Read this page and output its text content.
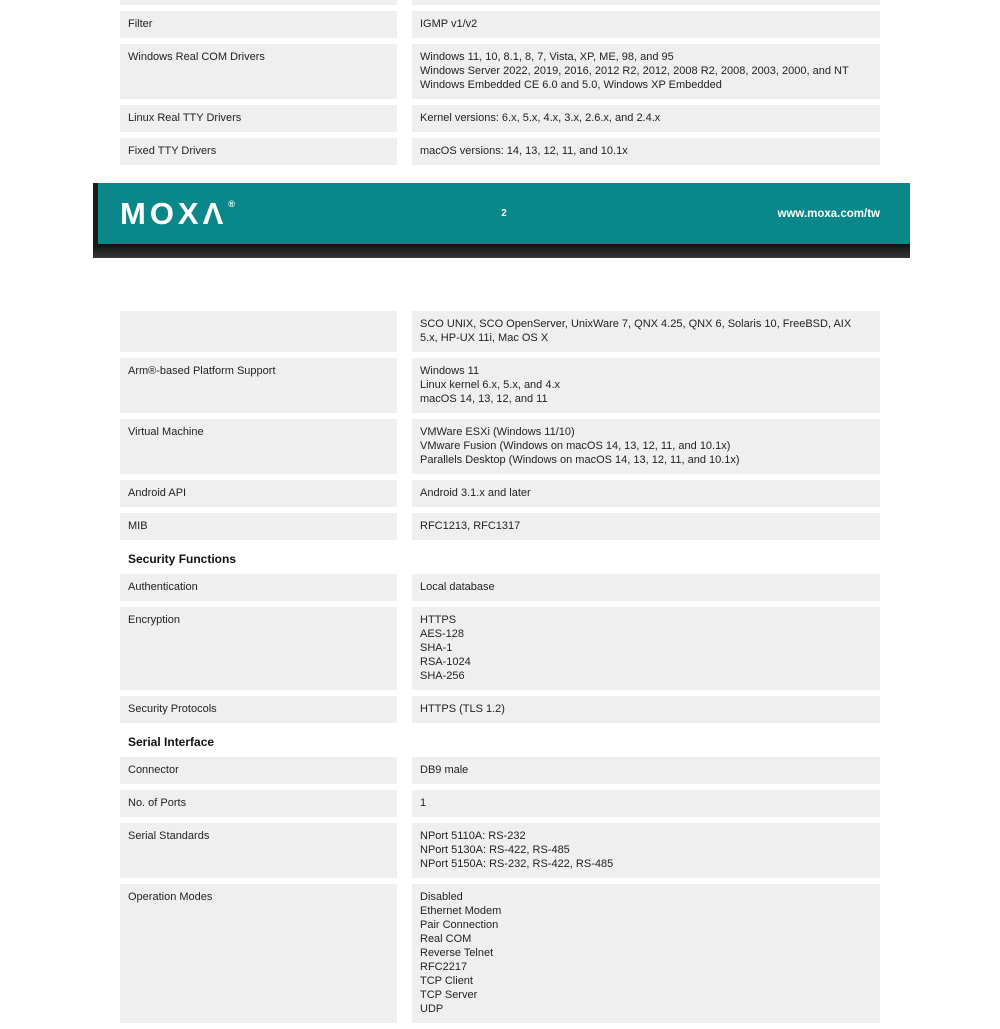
Filter	IGMP v1/v2
Windows Real COM Drivers	Windows 11, 10, 8.1, 8, 7, Vista, XP, ME, 98, and 95
Windows Server 2022, 2019, 2016, 2012 R2, 2012, 2008 R2, 2008, 2003, 2000, and NT
Windows Embedded CE 6.0 and 5.0, Windows XP Embedded
Linux Real TTY Drivers	Kernel versions: 6.x, 5.x, 4.x, 3.x, 2.6.x, and 2.4.x
Fixed TTY Drivers	macOS versions: 14, 13, 12, 11, and 10.1x
MOXΛ®
2	www.moxa.com/tw
SCO UNIX, SCO OpenServer, UnixWare 7, QNX 4.25, QNX 6, Solaris 10, FreeBSD, AIX 5.x, HP-UX 11i, Mac OS X
Arm®-based Platform Support	Windows 11
Linux kernel 6.x, 5.x, and 4.x
macOS 14, 13, 12, and 11
Virtual Machine	VMWare ESXi (Windows 11/10)
VMware Fusion (Windows on macOS 14, 13, 12, 11, and 10.1x)
Parallels Desktop (Windows on macOS 14, 13, 12, 11, and 10.1x)
Android API	Android 3.1.x and later
MIB	RFC1213, RFC1317
Security Functions
Authentication	Local database
Encryption	HTTPS
AES-128
SHA-1
RSA-1024
SHA-256
Security Protocols	HTTPS (TLS 1.2)
Serial Interface
Connector	DB9 male
No. of Ports	1
Serial Standards	NPort 5110A: RS-232
NPort 5130A: RS-422, RS-485
NPort 5150A: RS-232, RS-422, RS-485
Operation Modes	Disabled
Ethernet Modem
Pair Connection
Real COM
Reverse Telnet
RFC2217
TCP Client
TCP Server
UDP
